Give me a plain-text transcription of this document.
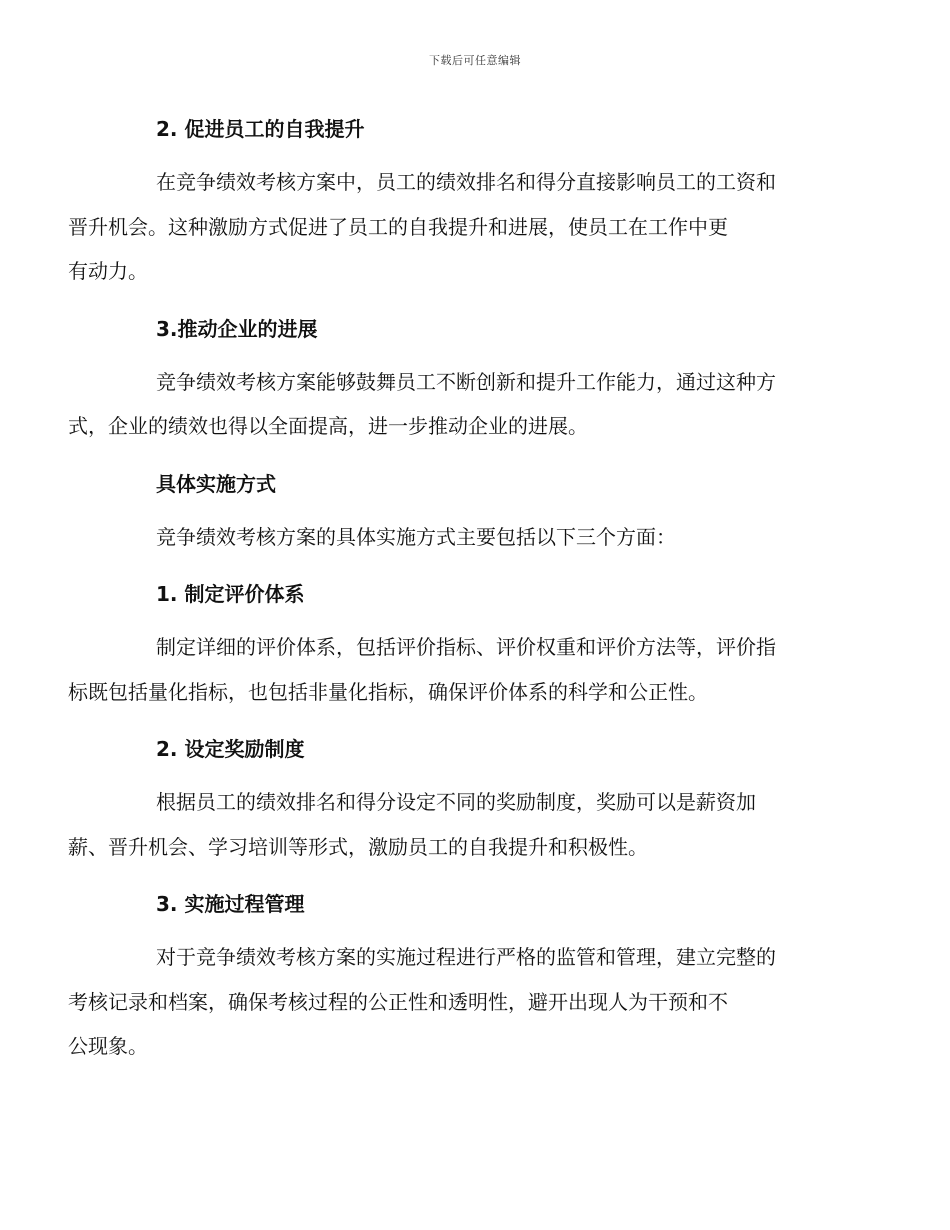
下载后可任意编辑
2. 促进员工的自我提升

在竞争绩效考核方案中，员工的绩效排名和得分直接影响员工的工资和
晋升机会。这种激励方式促进了员工的自我提升和进展，使员工在工作中更
有动力。

3.推动企业的进展

竞争绩效考核方案能够鼓舞员工不断创新和提升工作能力，通过这种方
式，企业的绩效也得以全面提高，进一步推动企业的进展。

具体实施方式

竞争绩效考核方案的具体实施方式主要包括以下三个方面：

1. 制定评价体系

制定详细的评价体系，包括评价指标、评价权重和评价方法等，评价指
标既包括量化指标，也包括非量化指标，确保评价体系的科学和公正性。

2. 设定奖励制度

根据员工的绩效排名和得分设定不同的奖励制度，奖励可以是薪资加
薪、晋升机会、学习培训等形式，激励员工的自我提升和积极性。

3. 实施过程管理

对于竞争绩效考核方案的实施过程进行严格的监管和管理，建立完整的
考核记录和档案，确保考核过程的公正性和透明性，避开出现人为干预和不
公现象。
